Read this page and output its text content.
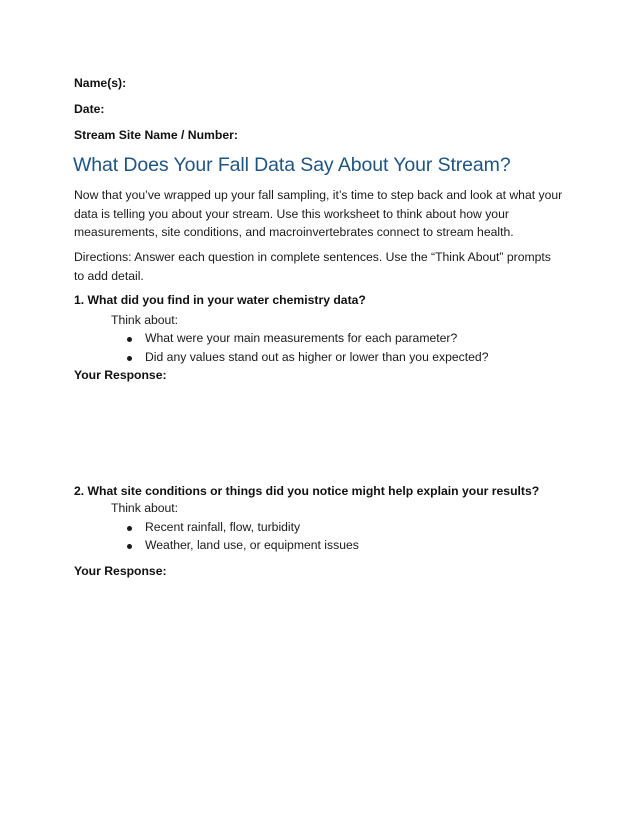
Name(s):
Date:
Stream Site Name / Number:
What Does Your Fall Data Say About Your Stream?
Now that you’ve wrapped up your fall sampling, it’s time to step back and look at what your
data is telling you about your stream. Use this worksheet to think about how your
measurements, site conditions, and macroinvertebrates connect to stream health.
Directions: Answer each question in complete sentences. Use the “Think About” prompts
to add detail.
1. What did you find in your water chemistry data?
Think about:
What were your main measurements for each parameter?
Did any values stand out as higher or lower than you expected?
Your Response:
2. What site conditions or things did you notice might help explain your results?
Think about:
Recent rainfall, flow, turbidity
Weather, land use, or equipment issues
Your Response:
